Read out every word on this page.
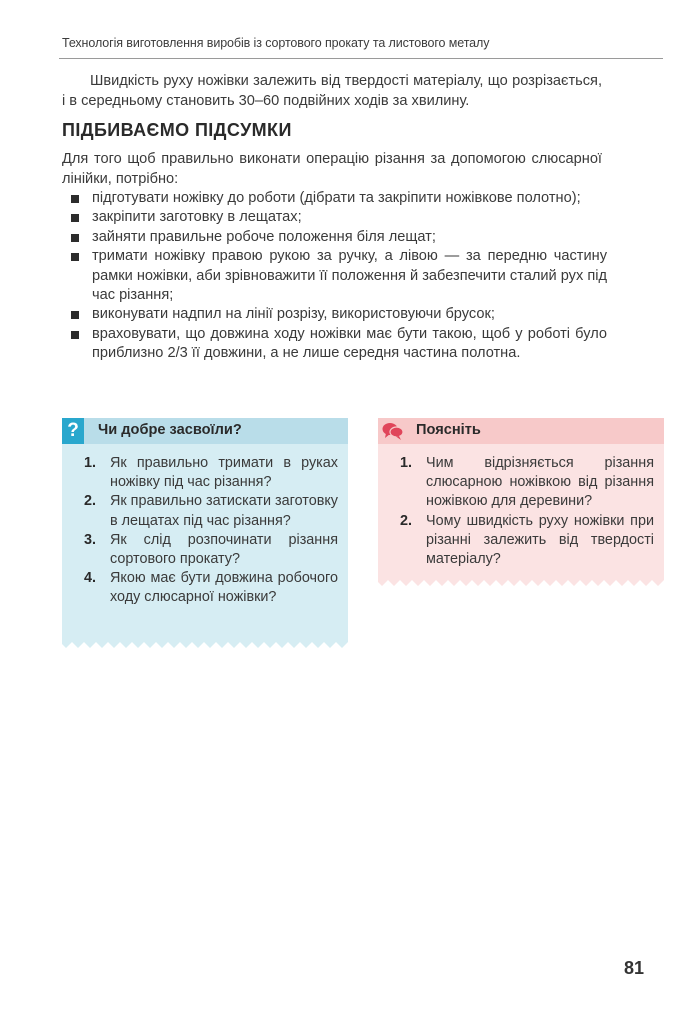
Технологія виготовлення виробів із сортового прокату та листового металу

Швидкість руху ножівки залежить від твердості матеріалу, що розрізається, і в середньому становить 30–60 подвійних ходів за хвилину.

ПІДБИВАЄМО ПІДСУМКИ

Для того щоб правильно виконати операцію різання за допомогою слюсарної лінійки, потрібно:

підготувати ножівку до роботи (дібрати та закріпити ножівкове полотно);
закріпити заготовку в лещатах;
зайняти правильне робоче положення біля лещат;
тримати ножівку правою рукою за ручку, а лівою — за передню частину рамки ножівки, аби зрівноважити її положення й забезпечити сталий рух під час різання;
виконувати надпил на лінії розрізу, використовуючи брусок;
враховувати, що довжина ходу ножівки має бути такою, щоб у роботі було приблизно 2/3 її довжини, а не лише середня частина полотна.
?	Чи добре засвоїли?
1. Як правильно тримати в руках ножівку під час різання?
2. Як правильно затискати заготовку в лещатах під час різання?
3. Як слід розпочинати різання сортового прокату?
4. Якою має бути довжина робочого ходу слюсарної ножівки?
Поясніть
1. Чим відрізняється різання слюсарною ножівкою від різання ножівкою для деревини?
2. Чому швидкість руху ножівки при різанні залежить від твердості матеріалу?
81
